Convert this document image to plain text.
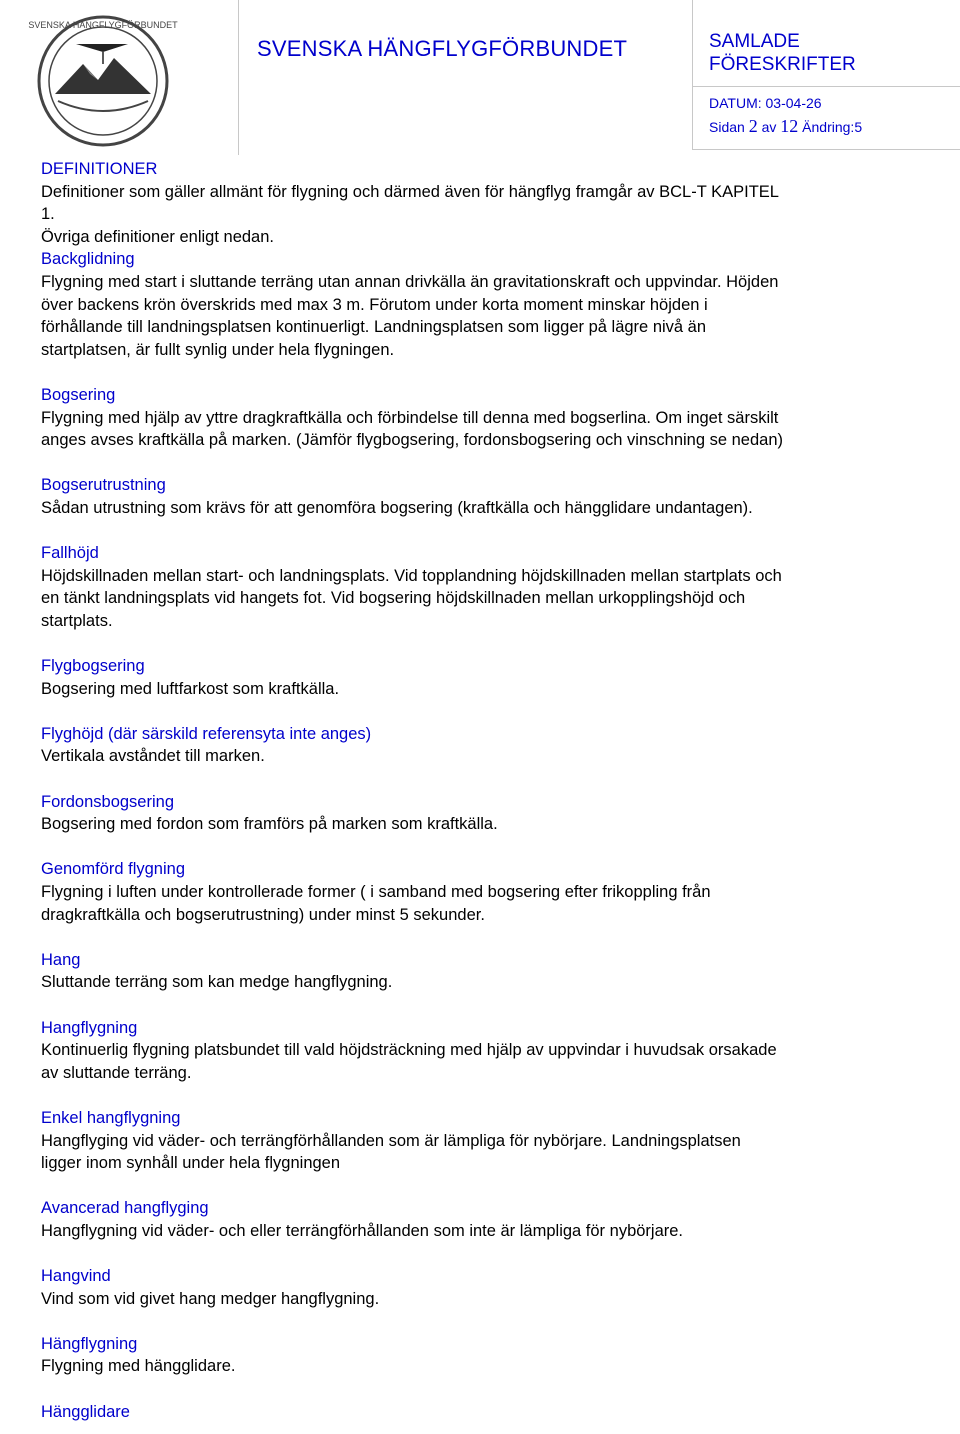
SVENSKA HÄNGFLYGFÖRBUNDET
SVENSKA HÄNGFLYGFÖRBUNDET	SAMLADE
FÖRESKRIFTER
DATUM: 03-04-26
Sidan 2 av 12 Ändring:5

DEFINITIONER

Definitioner som gäller allmänt för flygning och därmed även för hängflyg framgår av BCL-T KAPITEL

1.

Övriga definitioner enligt nedan.

Backglidning

Flygning med start i sluttande terräng utan annan drivkälla än gravitationskraft och uppvindar. Höjden

över backens krön överskrids med max 3 m. Förutom under korta moment minskar höjden i

förhållande till landningsplatsen kontinuerligt. Landningsplatsen som ligger på lägre nivå än

startplatsen, är fullt synlig under hela flygningen.

Bogsering

Flygning med hjälp av yttre dragkraftkälla och förbindelse till denna med bogserlina. Om inget särskilt

anges avses kraftkälla på marken. (Jämför flygbogsering, fordonsbogsering och vinschning se nedan)

Bogserutrustning

Sådan utrustning som krävs för att genomföra bogsering (kraftkälla och hängglidare undantagen).

Fallhöjd

Höjdskillnaden mellan start- och landningsplats. Vid topplandning höjdskillnaden mellan startplats och

en tänkt landningsplats vid hangets fot. Vid bogsering höjdskillnaden mellan urkopplingshöjd och

startplats.

Flygbogsering

Bogsering med luftfarkost som kraftkälla.

Flyghöjd (där särskild referensyta inte anges)

Vertikala avståndet till marken.

Fordonsbogsering

Bogsering med fordon som framförs på marken som kraftkälla.

Genomförd flygning

Flygning i luften under kontrollerade former ( i samband med bogsering efter frikoppling från

dragkraftkälla och bogserutrustning) under minst 5 sekunder.

Hang

Sluttande terräng som kan medge hangflygning.

Hangflygning

Kontinuerlig flygning platsbundet till vald höjdsträckning med hjälp av uppvindar i huvudsak orsakade

av sluttande terräng.

Enkel hangflygning

Hangflyging vid väder- och terrängförhållanden som är lämpliga för nybörjare. Landningsplatsen

ligger inom synhåll under hela flygningen

Avancerad hangflyging

Hangflygning vid väder- och eller terrängförhållanden som inte är lämpliga för nybörjare.

Hangvind

Vind som vid givet hang medger hangflygning.

Hängflygning

Flygning med hängglidare.

Hängglidare
